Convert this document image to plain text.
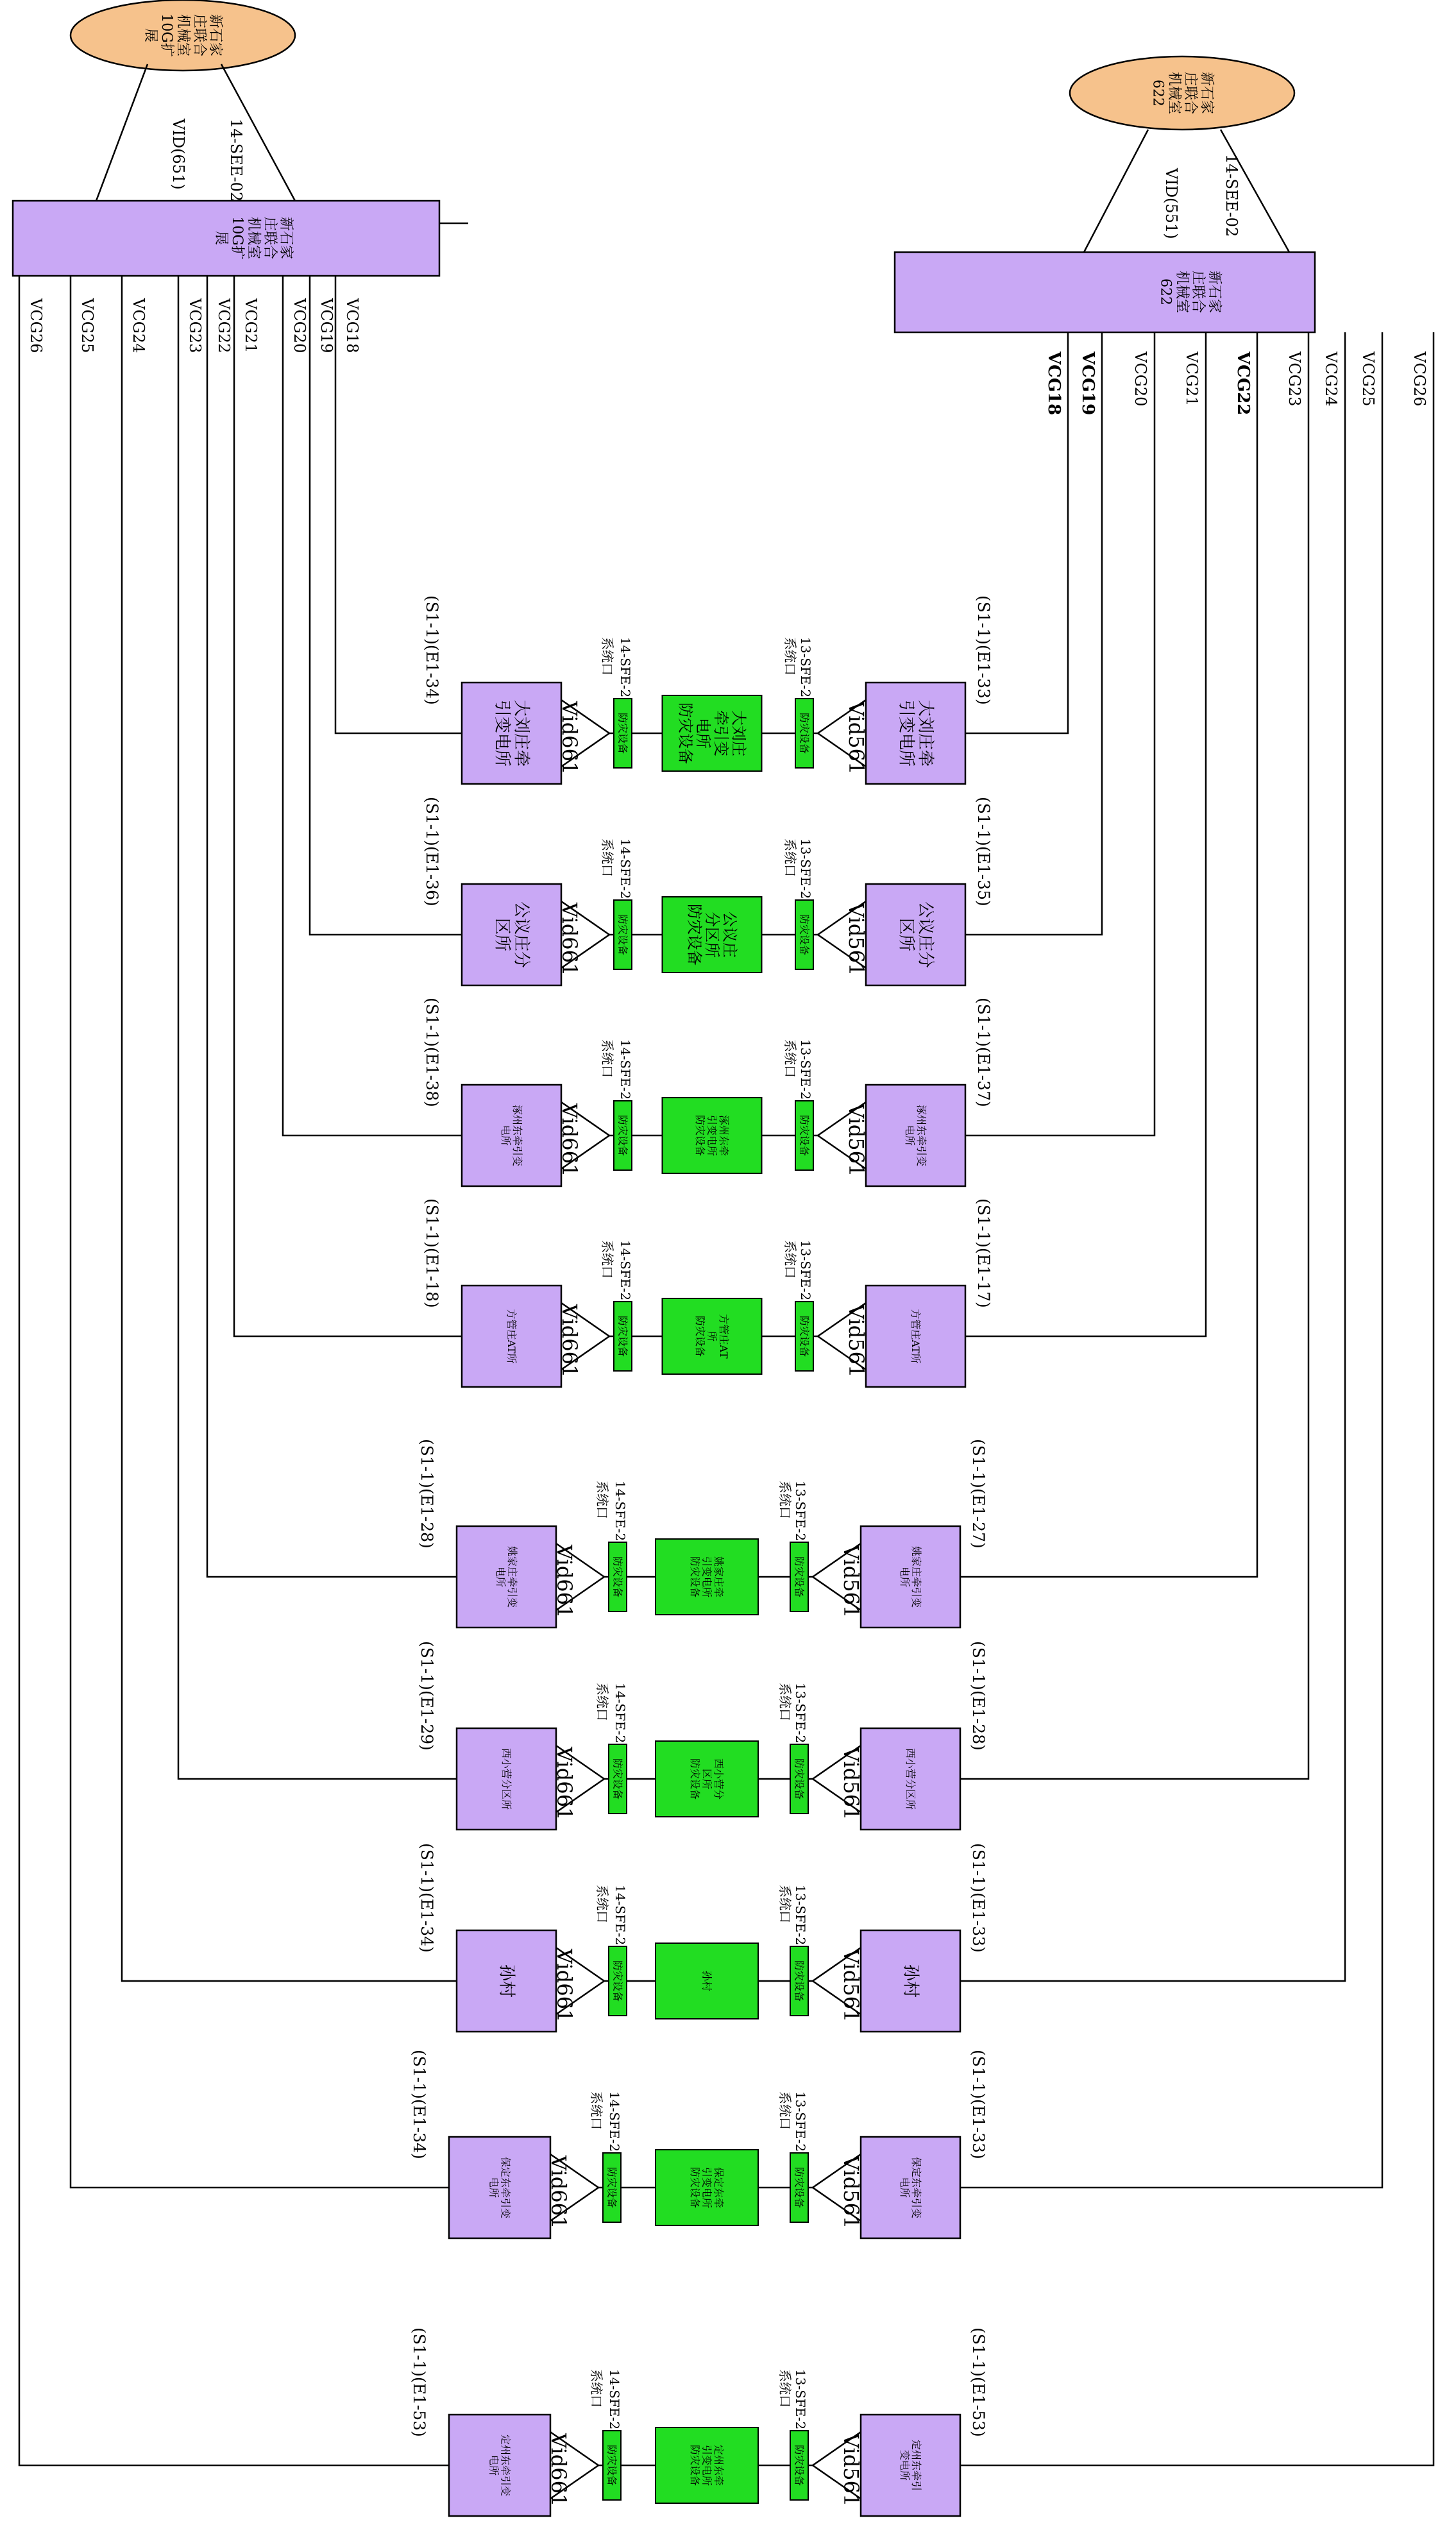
新石家
庄联合
机械室
10G扩
展
新石家
庄联合
机械室
10G扩
展
VID(651)	14-SEE-02
新石家
庄联合
机械室
622
新石家
庄联合
机械室
622
VID(551)	14-SEE-02
VCG18
VCG19
VCG20
VCG21
VCG22
VCG23
VCG24
VCG25
VCG26
VCG18 VCG19 VCG20 VCG21 VCG22 VCG23 VCG24 VCG25 VCG26
(S1-1)(E1-34)	(S1-1)(E1-33)
大刘庄牵
引变电所	大刘庄牵
引变电所
Vid661
系统口 14-SFE-2
Vid561
系统口 13-SFE-2
防灾设备	防灾设备
大刘庄
牵引变
电所
防灾设备
(S1-1)(E1-36)	(S1-1)(E1-35)
公议庄分
区所	公议庄分
区所
Vid661
系统口 14-SFE-2
Vid561
系统口 13-SFE-2
防灾设备	防灾设备
公议庄
分区所
防灾设备
(S1-1)(E1-38)	(S1-1)(E1-37)
涿州东牵引变
电所	涿州东牵引变
电所
Vid661
系统口 14-SFE-2
Vid561
系统口 13-SFE-2
防灾设备	防灾设备
涿州东牵
引变电所
防灾设备
(S1-1)(E1-18)	(S1-1)(E1-17)
方管庄AT所	方管庄AT所
Vid661
系统口 14-SFE-2
Vid561
系统口 13-SFE-2
防灾设备	防灾设备
方管庄AT
所
防灾设备
(S1-1)(E1-28)	(S1-1)(E1-27)
姚家庄牵引变
电所	姚家庄牵引变
电所
Vid661
系统口 14-SFE-2
Vid561
系统口 13-SFE-2
防灾设备	防灾设备
姚家庄牵
引变电所
防灾设备
(S1-1)(E1-29)	(S1-1)(E1-28)
西小营分区所	西小营分区所
Vid661
系统口 14-SFE-2
Vid561
系统口 13-SFE-2
防灾设备	防灾设备
西小营分
区所
防灾设备
(S1-1)(E1-34)	(S1-1)(E1-33)
孙村	孙村
Vid661
系统口 14-SFE-2
Vid561
系统口 13-SFE-2
防灾设备	防灾设备
孙村
(S1-1)(E1-34)	(S1-1)(E1-33)
保定东牵引变
电所	保定东牵引变
电所
Vid661
系统口 14-SFE-2
Vid561
系统口 13-SFE-2
防灾设备	防灾设备
保定东牵
引变电所
防灾设备
(S1-1)(E1-53)	(S1-1)(E1-53)
定州东牵引变
电所	定州东牵引
变电所
Vid661
系统口 14-SFE-2
Vid561
系统口 13-SFE-2
防灾设备	防灾设备
定州东牵
引变电所
防灾设备
